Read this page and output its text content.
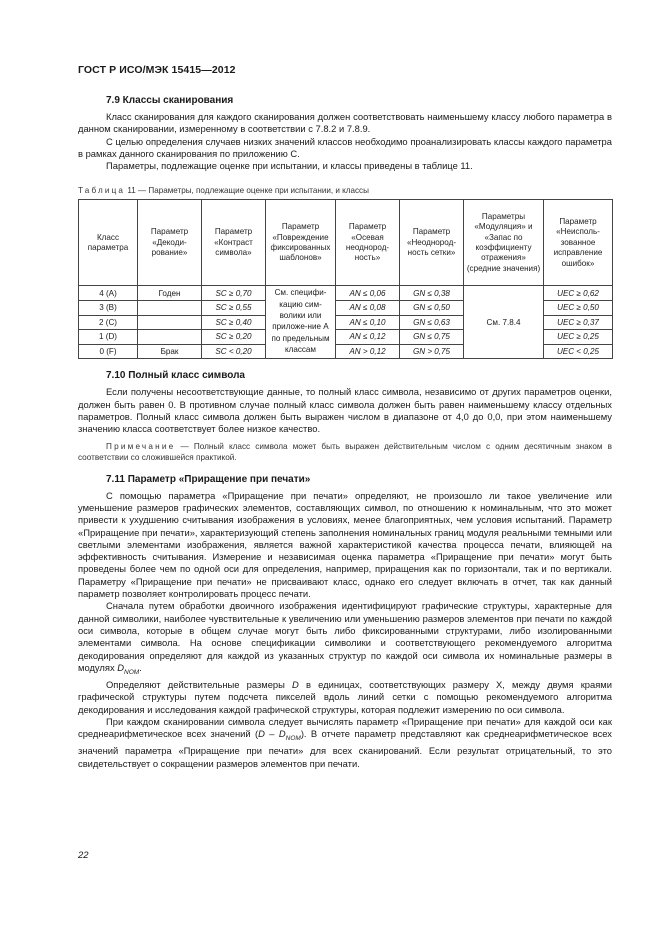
ГОСТ Р ИСО/МЭК 15415—2012
7.9 Классы сканирования

Класс сканирования для каждого сканирования должен соответствовать наименьшему классу любого параметра в данном сканировании, измеренному в соответствии с 7.8.2 и 7.8.9.

С целью определения случаев низких значений классов необходимо проанализировать классы каждого параметра в рамках данного сканирования по приложению С.

Параметры, подлежащие оценке при испытании, и классы приведены в таблице 11.

Таблица 11 — Параметры, подлежащие оценке при испытании, и классы

Класс параметра	Параметр «Декоди-рование»	Параметр «Контраст символа»	Параметр «Повреждение фиксированных шаблонов»	Параметр «Осевая неоднород-ность»	Параметр «Неоднород-ность сетки»	Параметры «Модуляция» и «Запас по коэффициенту отражения» (средние значения)	Параметр «Неисполь-зованное исправление ошибок»
4 (A)	Годен	SC ≥ 0,70	См. специфи-кацию сим-волики или приложе-ние А по предельным классам	AN ≤ 0,06	GN ≤ 0,38	См. 7.8.4	UEC ≥ 0,62
3 (B)		SC ≥ 0,55		AN ≤ 0,08	GN ≤ 0,50		UEC ≥ 0,50
2 (C)		SC ≥ 0,40		AN ≤ 0,10	GN ≤ 0,63		UEC ≥ 0,37
1 (D)		SC ≥ 0,20		AN ≤ 0,12	GN ≤ 0,75		UEC ≥ 0,25
0 (F)	Брак	SC < 0,20		AN > 0,12	GN > 0,75		UEC < 0,25
7.10 Полный класс символа

Если получены несоответствующие данные, то полный класс символа, независимо от других параметров оценки, должен быть равен 0. В противном случае полный класс символа должен быть равен наименьшему классу отдельных параметров. Полный класс символа должен быть выражен числом в диапазоне от 4,0 до 0,0, при этом наименьшему значению класса соответствует более низкое качество.

Примечание — Полный класс символа может быть выражен действительным числом с одним десятичным знаком в соответствии со сложившейся практикой.

7.11 Параметр «Приращение при печати»

С помощью параметра «Приращение при печати» определяют, не произошло ли такое увеличение или уменьшение размеров графических элементов, составляющих символ, по отношению к номинальным, что это может привести к ухудшению считывания изображения в условиях, менее благоприятных, чем условия испытаний. Параметр «Приращение при печати», характеризующий степень заполнения номинальных границ модуля реальными темными или светлыми элементами изображения, является важной характеристикой качества процесса печати, влияющей на эффективность считывания. Измерение и независимая оценка параметра «Приращение при печати» могут быть проведены более чем по одной оси для определения, например, приращения как по горизонтали, так и по вертикали. Параметру «Приращение при печати» не присваивают класс, однако его следует включать в отчет, так как данный параметр позволяет контролировать процесс печати.

Сначала путем обработки двоичного изображения идентифицируют графические структуры, характерные для данной символики, наиболее чувствительные к увеличению или уменьшению размеров элементов при печати по каждой оси символа, которые в общем случае могут быть либо фиксированными структурами, либо изолированными элементами символа. На основе спецификации символики и соответствующего рекомендуемого алгоритма декодирования определяют для каждой из указанных структур по каждой оси символа их номинальные размеры в модулях $D_{NOM}$.

Определяют действительные размеры D в единицах, соответствующих размеру X, между двумя краями графической структуры путем подсчета пикселей вдоль линий сетки с помощью рекомендуемого алгоритма декодирования и исследования каждой графической структуры, которая подлежит измерению по оси символа.

При каждом сканировании символа следует вычислять параметр «Приращение при печати» для каждой оси как среднеарифметическое всех значений $(D - D_{NOM})$. В отчете параметр представляют как среднеарифметическое всех значений параметра «Приращение при печати» для всех сканирований. Если результат отрицательный, то это свидетельствует о сокращении размеров элементов при печати.

22
